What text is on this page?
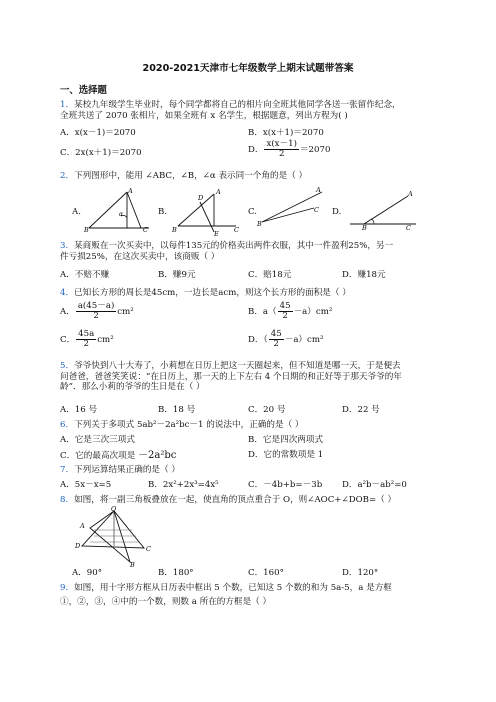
2020-2021天津市七年级数学上期末试题带答案
一、选择题
1．某校九年级学生毕业时，每个同学都将自己的相片向全班其他同学各送一张留作纪念，
全班共送了 2070 张相片，如果全班有 x 名学生，根据题意，列出方程为( )
A．x(x－1)＝2070	B．x(x＋1)＝2070
C．2x(x＋1)＝2070	D． $\frac{x(x-1)}{2} =2070$
2．下列图形中，能用 ∠ABC，∠B，∠α 表示同一个角的是（ ）
A.	B.	C.	D.
A
B	C
α
D
A
B	C
E
A
B
C
A
B	C
3．某商贩在一次买卖中，以每件135元的价格卖出两件衣服，其中一件盈利25%，另一
件亏损25%，在这次买卖中，该商贩（ ）
A．不赔不赚	B．赚9元	C．赔18元	D．赚18元
4．已知长方形的周长是45cm，一边长是acm，则这个长方形的面积是（ ）
A． $\frac{a(45-a)}{2} cm^2$	B．$a( \frac{45}{2} -a)cm^2$
C． $\frac{45a}{2} cm^2$	D．（ $\frac{45}{2} -a)cm^2$
5．爷爷快到八十大寿了，小莉想在日历上把这一天圈起来，但不知道是哪一天，于是便去
问爸爸，爸爸笑笑说：“在日历上，那一天的上下左右 4 个日期的和正好等于那天爷爷的年
龄”．那么小莉的爷爷的生日是在（ ）
A．16 号	B．18 号	C．20 号	D．22 号
6．下列关于多项式 5ab²－2a²bc－1 的说法中，正确的是（ ）
A．它是三次三项式	B．它是四次两项式
C．它的最高次项是 －2a²bc	D．它的常数项是 1
7．下列运算结果正确的是（ ）
A．5x－x=5	B．2x²+2x³=4x⁵	C．－4b+b=－3b D．a²b－ab²=0
8．如图，将一副三角板叠放在一起，使直角的顶点重合于 O，则∠AOC+∠DOB=（ ）
O
A
D	C
B
A．90°	B．180°	C．160°	D．120°
9．如图，用十字形方框从日历表中框出 5 个数，已知这 5 个数的和为 5a-5，a 是方框
①，②，③，④中的一个数，则数 a 所在的方框是（ ）
